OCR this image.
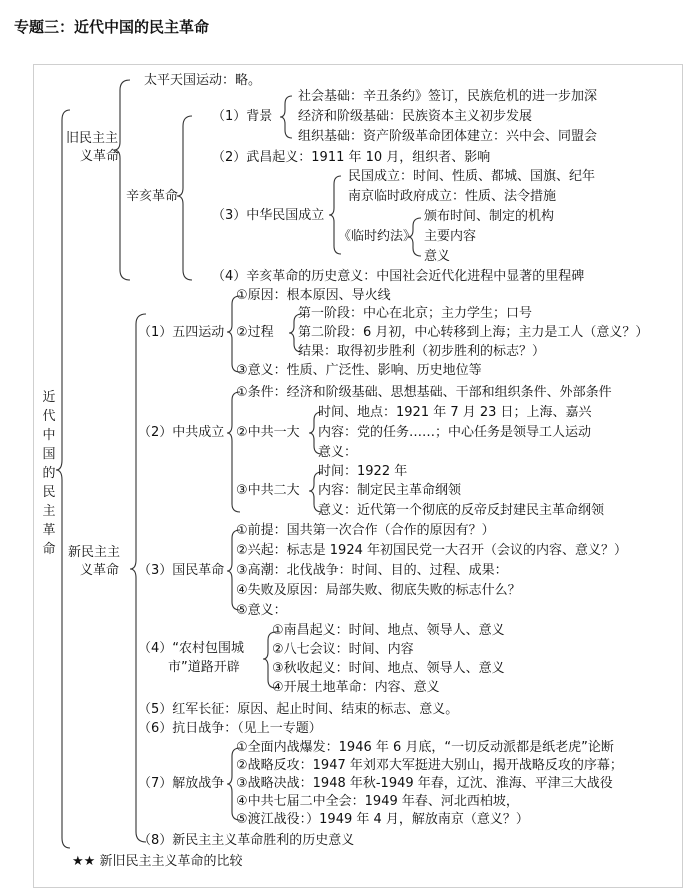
专题三：近代中国的民主革命
近
代
中
国
的
民
主
革
命
旧民主主
义革命
太平天国运动：略。
辛亥革命
（1）背景
社会基础：辛丑条约》签订，民族危机的进一步加深
经济和阶级基础：民族资本主义初步发展
组织基础：资产阶级革命团体建立：兴中会、同盟会
（2）武昌起义：1911 年 10 月，组织者、影响
（3）中华民国成立
民国成立：时间、性质、都城、国旗、纪年
南京临时政府成立：性质、法令措施
《临时约法》
颁布时间、制定的机构
主要内容
意义
（4）辛亥革命的历史意义：中国社会近代化进程中显著的里程碑
新民主主
义革命
（1）五四运动
①原因：根本原因、导火线
②过程
第一阶段：中心在北京；主力学生；口号
第二阶段：6 月初，中心转移到上海；主力是工人（意义？）
结果：取得初步胜利（初步胜利的标志？）
③意义：性质、广泛性、影响、历史地位等
（2）中共成立
①条件：经济和阶级基础、思想基础、干部和组织条件、外部条件
②中共一大
时间、地点：1921 年 7 月 23 日；上海、嘉兴
内容：党的任务……；中心任务是领导工人运动
意义：
③中共二大
时间：1922 年
内容：制定民主革命纲领
意义：近代第一个彻底的反帝反封建民主革命纲领
（3）国民革命
①前提：国共第一次合作（合作的原因有？）
②兴起：标志是 1924 年初国民党一大召开（会议的内容、意义？）
③高潮：北伐战争：时间、目的、过程、成果：
④失败及原因：局部失败、彻底失败的标志什么？
⑤意义：
（4）“农村包围城
市”道路开辟
①南昌起义：时间、地点、领导人、意义
②八七会议：时间、内容
③秋收起义：时间、地点、领导人、意义
④开展土地革命：内容、意义
（5）红军长征：原因、起止时间、结束的标志、意义。
（6）抗日战争：（见上一专题）
（7）解放战争
①全面内战爆发：1946 年 6 月底，“一切反动派都是纸老虎”论断
②战略反攻：1947 年刘邓大军挺进大别山，揭开战略反攻的序幕；
③战略决战：1948 年秋-1949 年春，辽沈、淮海、平津三大战役
④中共七届二中全会：1949 年春、河北西柏坡，
⑤渡江战役：）1949 年 4 月，解放南京（意义？）
（8）新民主主义革命胜利的历史意义
★★ 新旧民主主义革命的比较
